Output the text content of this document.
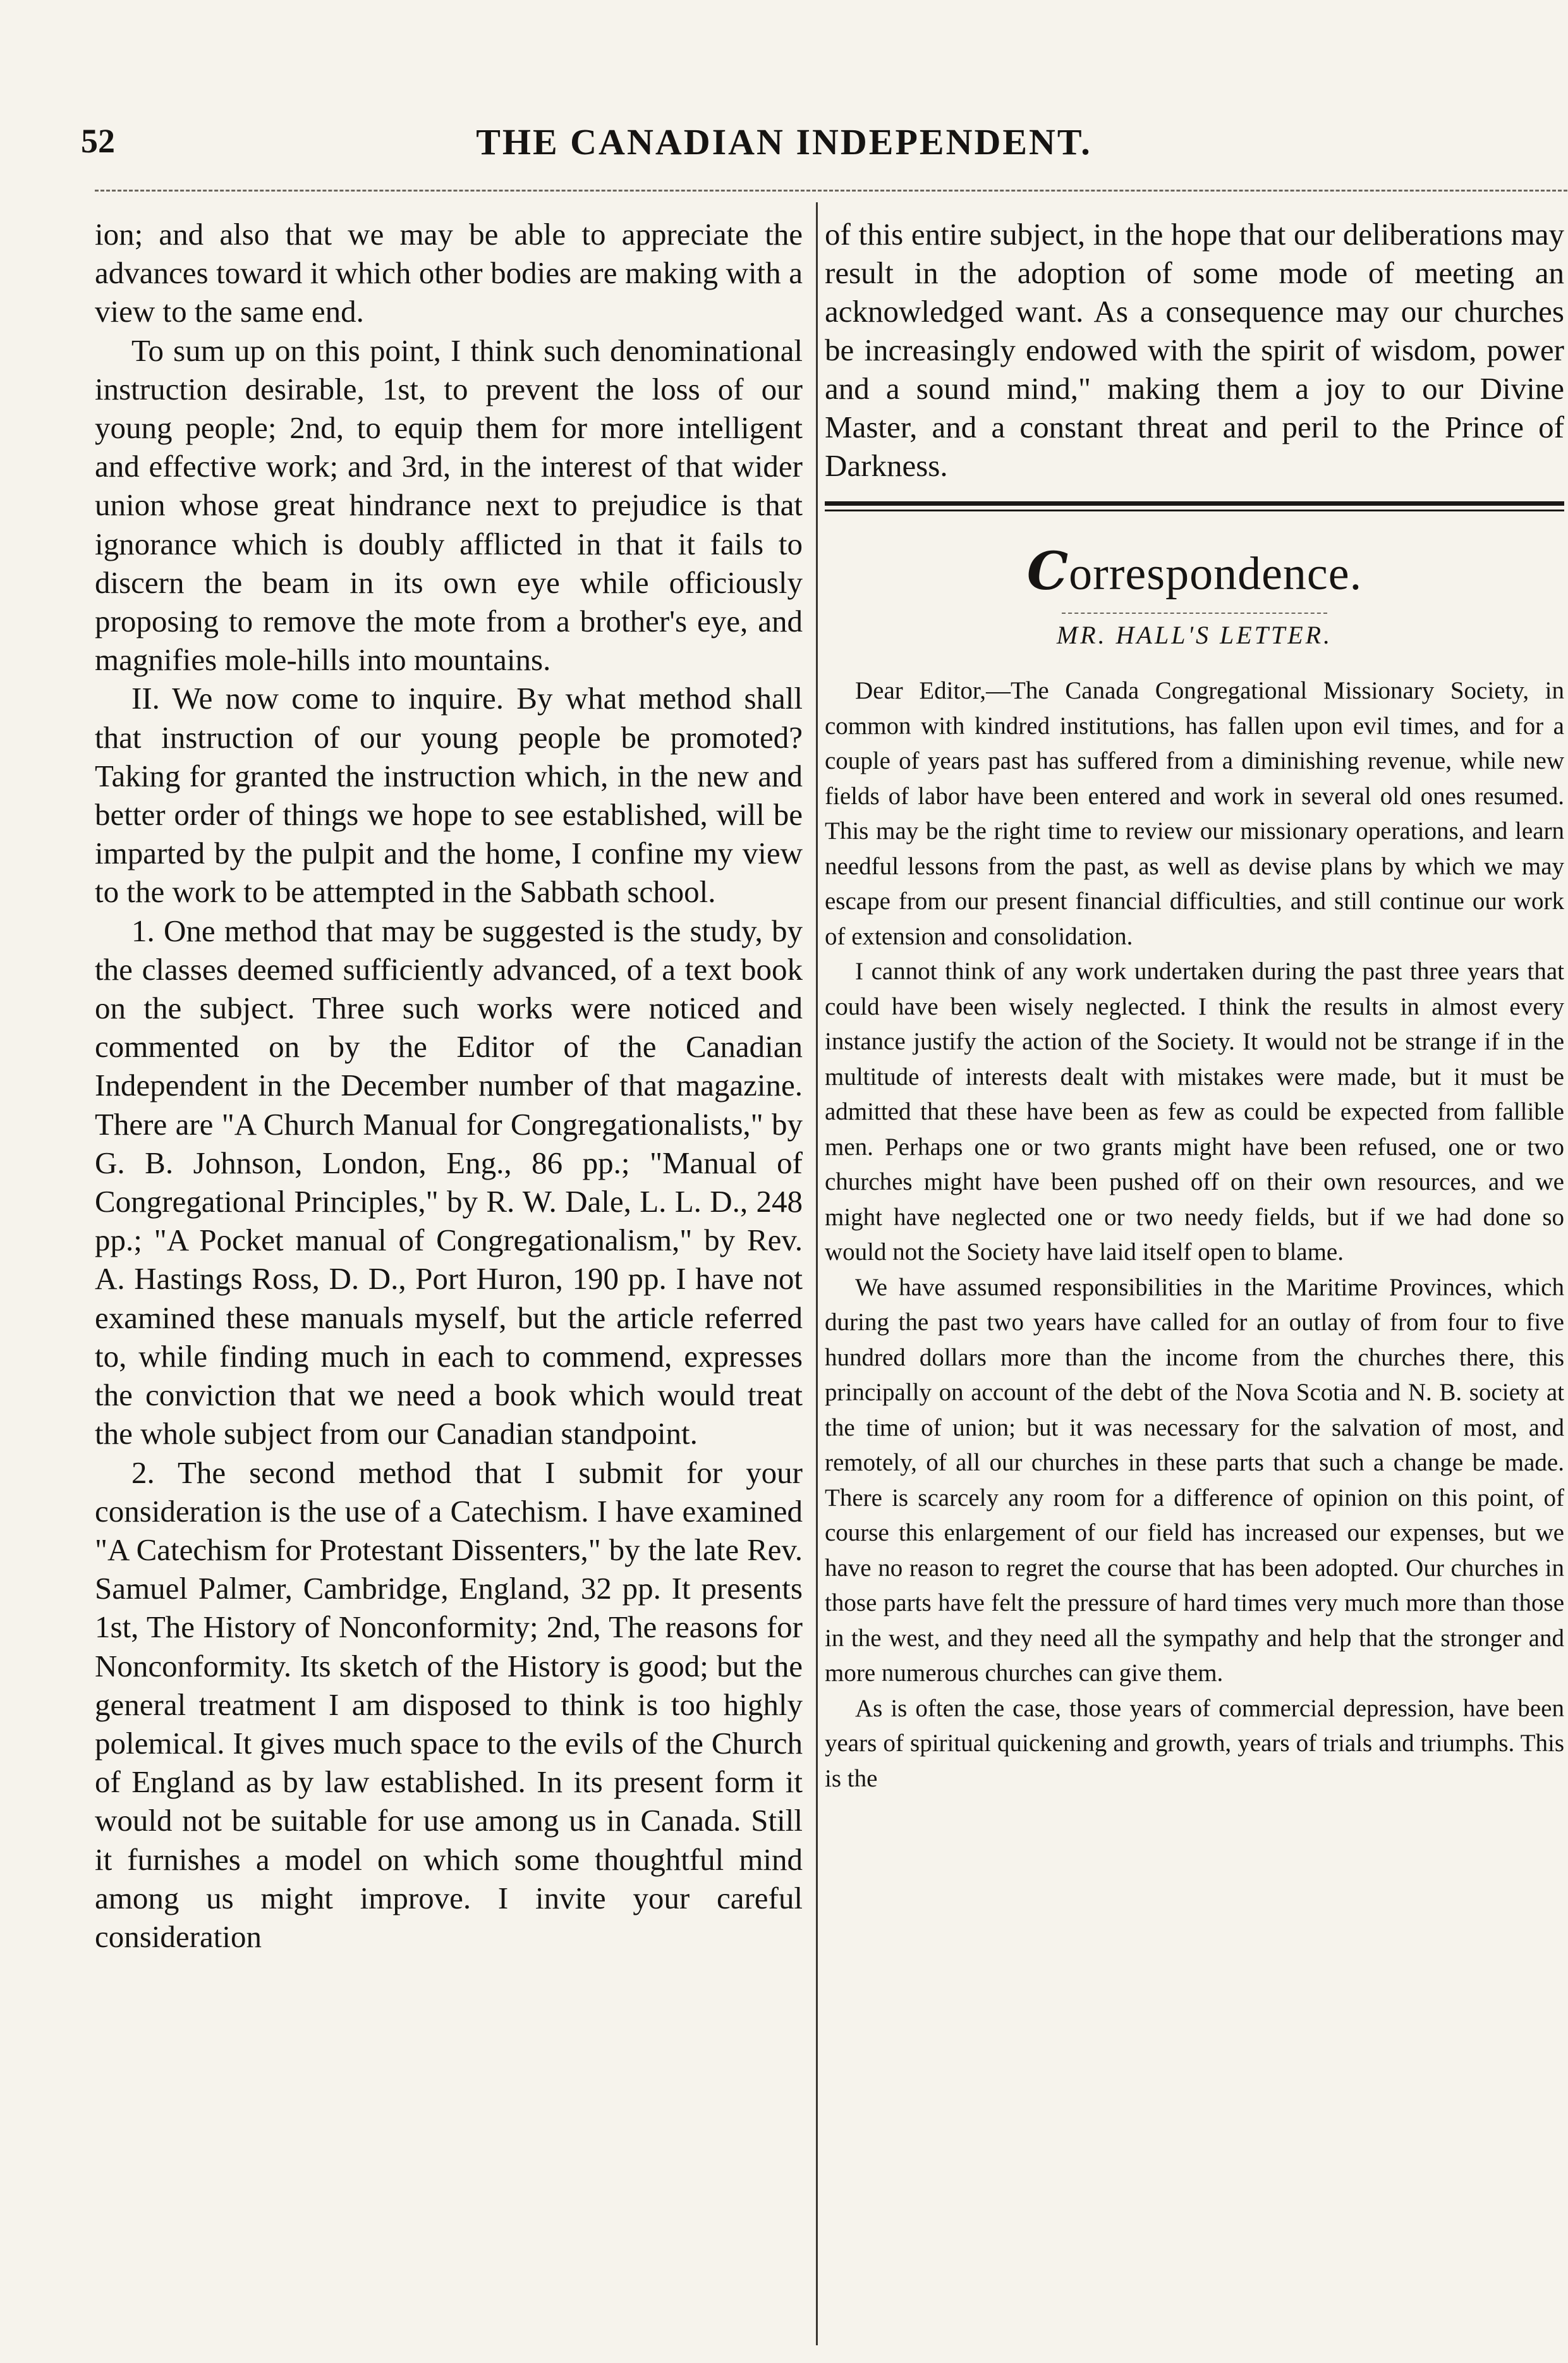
52	THE CANADIAN INDEPENDENT.

ion; and also that we may be able to appreciate the advances toward it which other bodies are making with a view to the same end.

To sum up on this point, I think such denominational instruction desirable, 1st, to prevent the loss of our young people; 2nd, to equip them for more intelligent and effective work; and 3rd, in the interest of that wider union whose great hindrance next to prejudice is that ignorance which is doubly afflicted in that it fails to discern the beam in its own eye while officiously proposing to remove the mote from a brother's eye, and magnifies mole-hills into mountains.

II. We now come to inquire. By what method shall that instruction of our young people be promoted? Taking for granted the instruction which, in the new and better order of things we hope to see established, will be imparted by the pulpit and the home, I confine my view to the work to be attempted in the Sabbath school.

1. One method that may be suggested is the study, by the classes deemed sufficiently advanced, of a text book on the subject. Three such works were noticed and commented on by the Editor of the Canadian Independent in the December number of that magazine. There are "A Church Manual for Congregationalists," by G. B. Johnson, London, Eng., 86 pp.; "Manual of Congregational Principles," by R. W. Dale, L. L. D., 248 pp.; "A Pocket manual of Congregationalism," by Rev. A. Hastings Ross, D. D., Port Huron, 190 pp. I have not examined these manuals myself, but the article referred to, while finding much in each to commend, expresses the conviction that we need a book which would treat the whole subject from our Canadian standpoint.

2. The second method that I submit for your consideration is the use of a Catechism. I have examined "A Catechism for Protestant Dissenters," by the late Rev. Samuel Palmer, Cambridge, England, 32 pp. It presents 1st, The History of Nonconformity; 2nd, The reasons for Nonconformity. Its sketch of the History is good; but the general treatment I am disposed to think is too highly polemical. It gives much space to the evils of the Church of England as by law established. In its present form it would not be suitable for use among us in Canada. Still it furnishes a model on which some thoughtful mind among us might improve. I invite your careful consideration

of this entire subject, in the hope that our deliberations may result in the adoption of some mode of meeting an acknowledged want. As a consequence may our churches be increasingly endowed with the spirit of wisdom, power and a sound mind," making them a joy to our Divine Master, and a constant threat and peril to the Prince of Darkness.

Correspondence.
MR. HALL'S LETTER.

Dear Editor,—The Canada Congregational Missionary Society, in common with kindred institutions, has fallen upon evil times, and for a couple of years past has suffered from a diminishing revenue, while new fields of labor have been entered and work in several old ones resumed. This may be the right time to review our missionary operations, and learn needful lessons from the past, as well as devise plans by which we may escape from our present financial difficulties, and still continue our work of extension and consolidation.

I cannot think of any work undertaken during the past three years that could have been wisely neglected. I think the results in almost every instance justify the action of the Society. It would not be strange if in the multitude of interests dealt with mistakes were made, but it must be admitted that these have been as few as could be expected from fallible men. Perhaps one or two grants might have been refused, one or two churches might have been pushed off on their own resources, and we might have neglected one or two needy fields, but if we had done so would not the Society have laid itself open to blame.

We have assumed responsibilities in the Maritime Provinces, which during the past two years have called for an outlay of from four to five hundred dollars more than the income from the churches there, this principally on account of the debt of the Nova Scotia and N. B. society at the time of union; but it was necessary for the salvation of most, and remotely, of all our churches in these parts that such a change be made. There is scarcely any room for a difference of opinion on this point, of course this enlargement of our field has increased our expenses, but we have no reason to regret the course that has been adopted. Our churches in those parts have felt the pressure of hard times very much more than those in the west, and they need all the sympathy and help that the stronger and more numerous churches can give them.

As is often the case, those years of commercial depression, have been years of spiritual quickening and growth, years of trials and triumphs. This is the
